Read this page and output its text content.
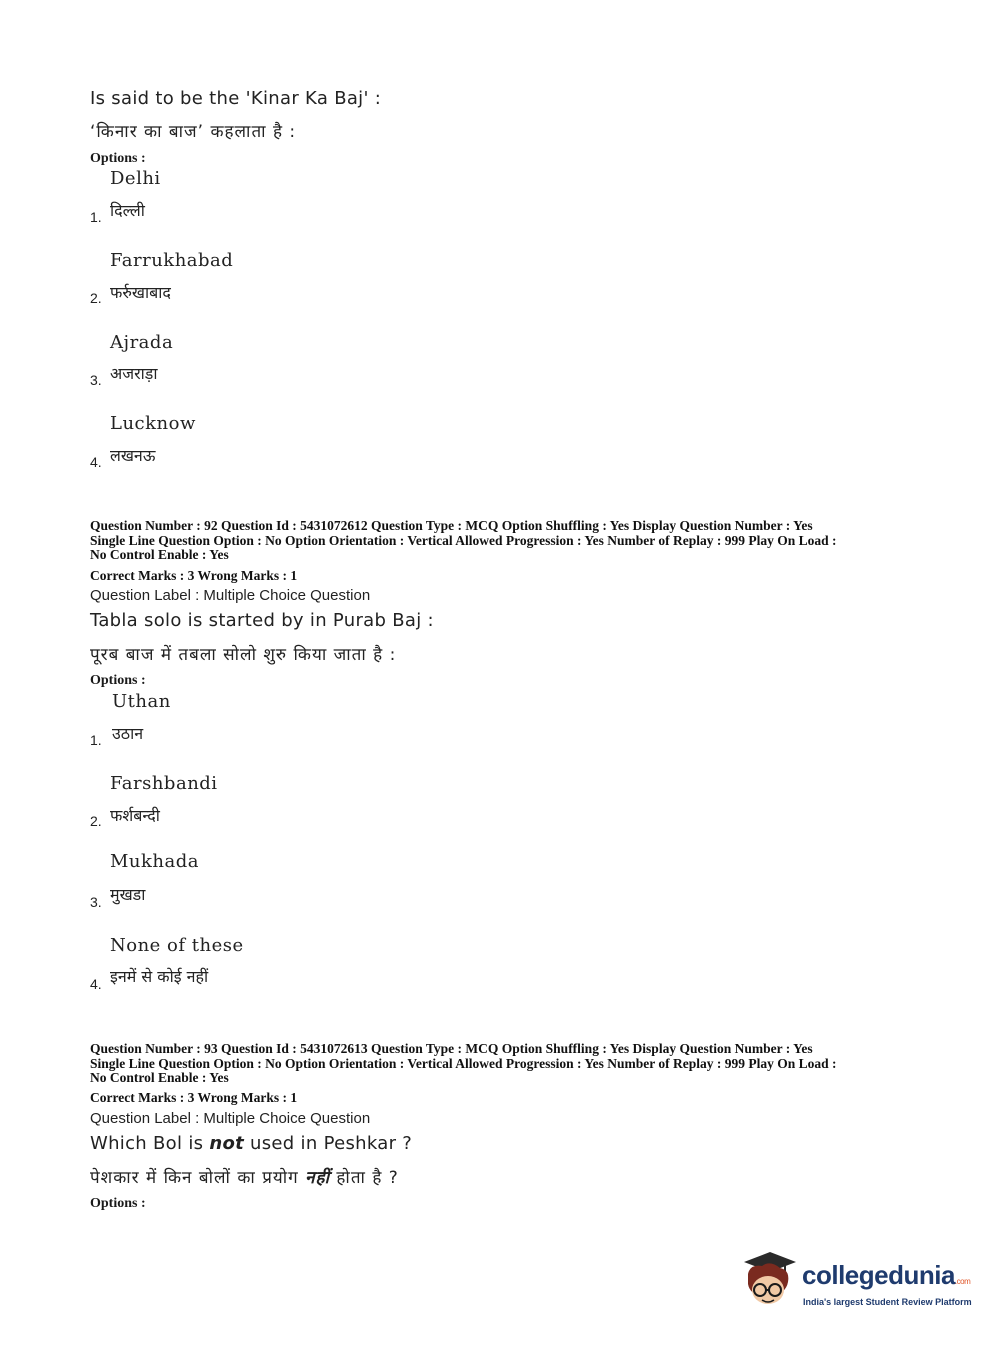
Is said to be the 'Kinar Ka Baj' :
‘किनार का बाज’ कहलाता है :
Options :
Delhi
दिल्ली
1.
Farrukhabad
फर्रुखाबाद
2.
Ajrada
अजराड़ा
3.
Lucknow
लखनऊ
4.
Question Number : 92 Question Id : 5431072612 Question Type : MCQ Option Shuffling : Yes Display Question Number : Yes
Single Line Question Option : No Option Orientation : Vertical Allowed Progression : Yes Number of Replay : 999 Play On Load :
No Control Enable : Yes
Correct Marks : 3 Wrong Marks : 1
Question Label : Multiple Choice Question
Tabla solo is started by in Purab Baj :
पूरब बाज में तबला सोलो शुरु किया जाता है :
Options :
Uthan
उठान
1.
Farshbandi
फर्शबन्दी
2.
Mukhada
मुखडा
3.
None of these
इनमें से कोई नहीं
4.
Question Number : 93 Question Id : 5431072613 Question Type : MCQ Option Shuffling : Yes Display Question Number : Yes
Single Line Question Option : No Option Orientation : Vertical Allowed Progression : Yes Number of Replay : 999 Play On Load :
No Control Enable : Yes
Correct Marks : 3 Wrong Marks : 1
Question Label : Multiple Choice Question
Which Bol is not used in Peshkar ?
पेशकार में किन बोलों का प्रयोग नहीं होता है ?
Options :
collegedunia.com
India's largest Student Review Platform
